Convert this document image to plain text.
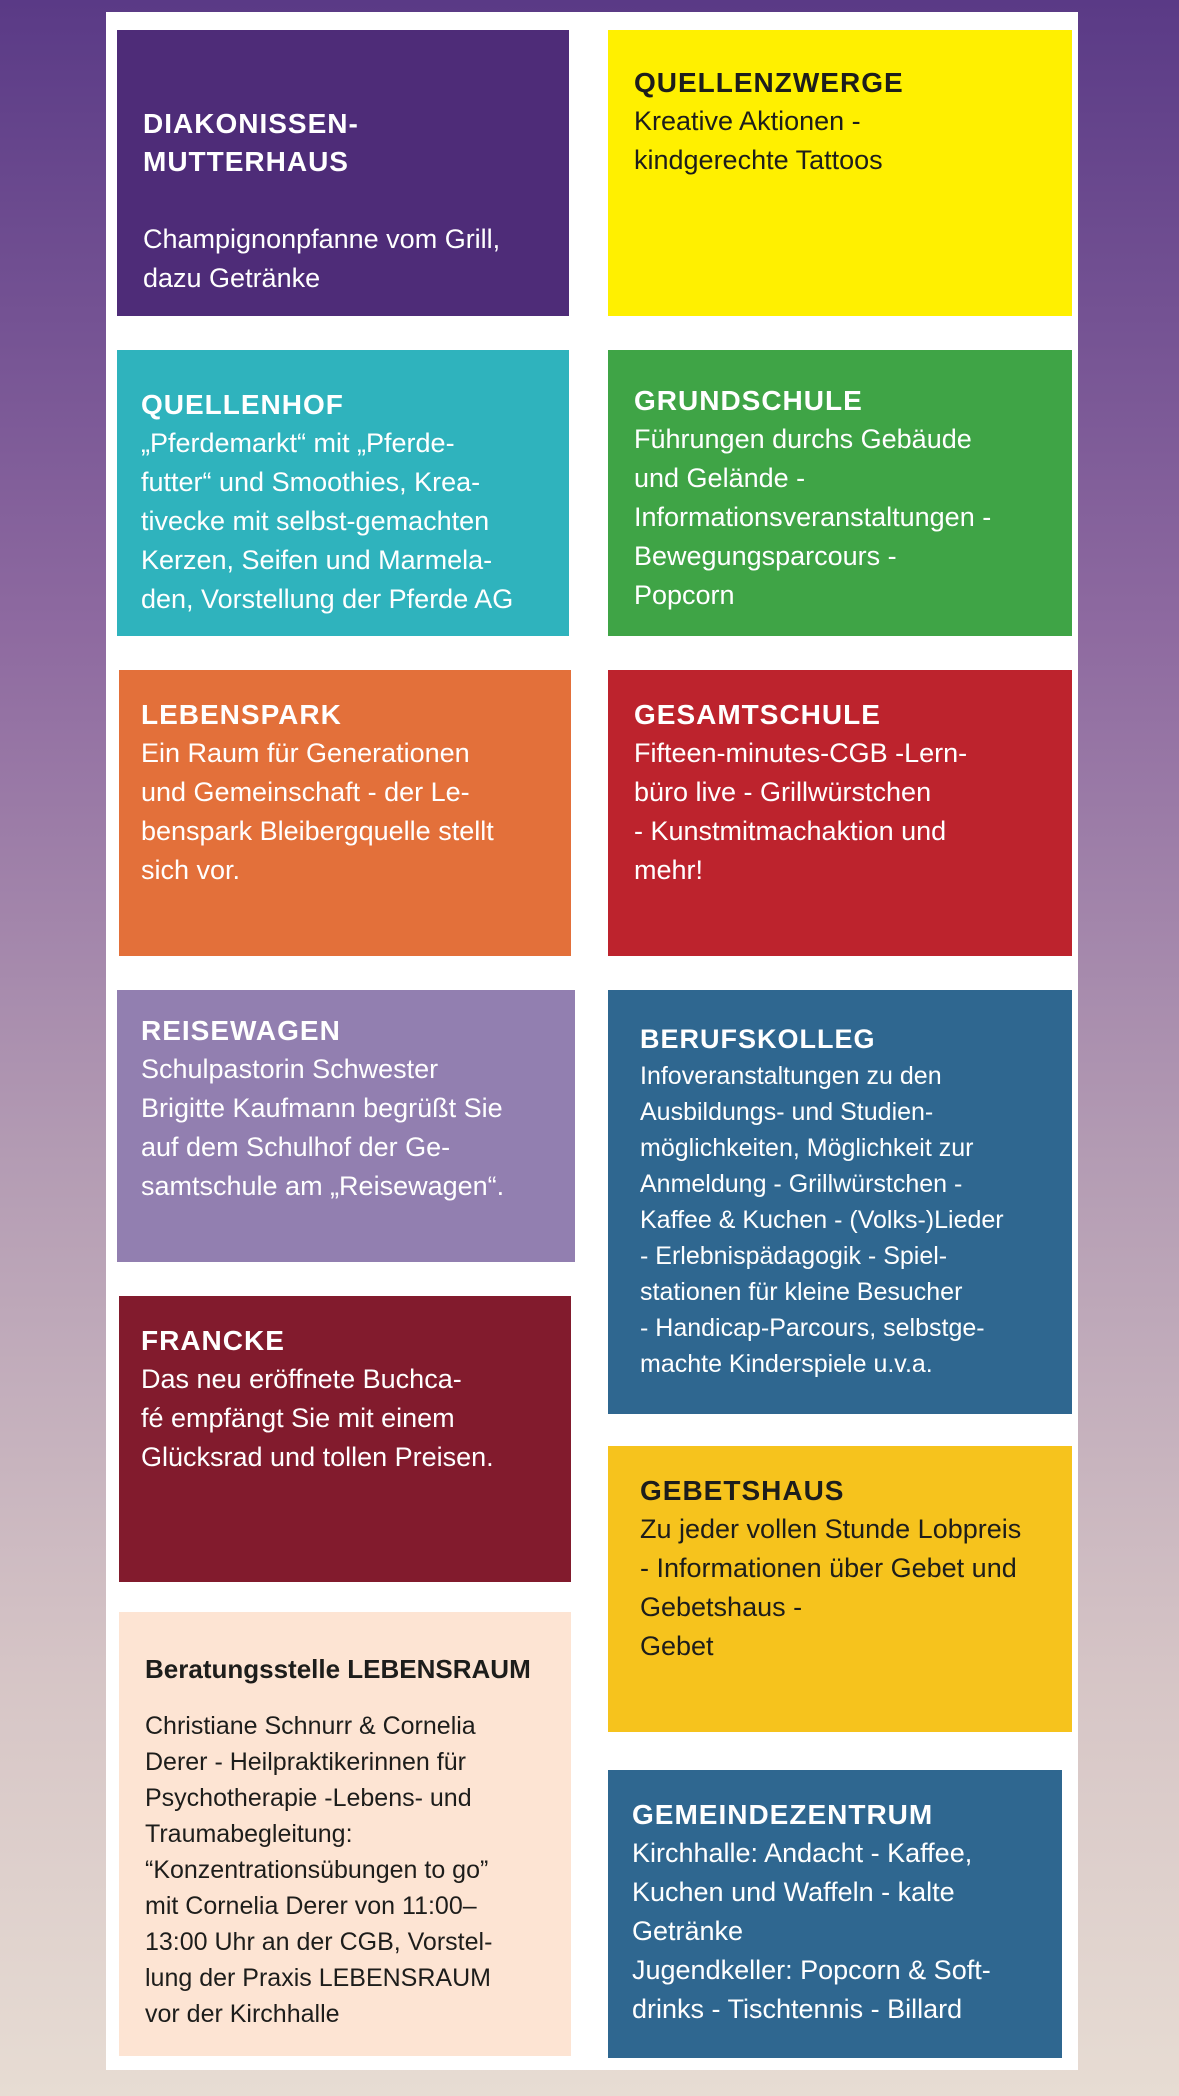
DIAKONISSEN-
MUTTERHAUS

Champignonpfanne vom Grill,
dazu Getränke

QUELLENZWERGE

Kreative Aktionen -
kindgerechte Tattoos

QUELLENHOF

„Pferdemarkt“ mit „Pferde-
futter“ und Smoothies, Krea-
tivecke mit selbst-gemachten
Kerzen, Seifen und Marmela-
den, Vorstellung der Pferde AG

GRUNDSCHULE

Führungen durchs Gebäude
und Gelände -
Informationsveranstaltungen -
Bewegungsparcours -
Popcorn

LEBENSPARK

Ein Raum für Generationen
und Gemeinschaft - der Le-
benspark Bleibergquelle stellt
sich vor.

GESAMTSCHULE

Fifteen-minutes-CGB -Lern-
büro live - Grillwürstchen
- Kunstmitmachaktion und
mehr!

REISEWAGEN

Schulpastorin Schwester
Brigitte Kaufmann begrüßt Sie
auf dem Schulhof der Ge-
samtschule am „Reisewagen“.

BERUFSKOLLEG

Infoveranstaltungen zu den
Ausbildungs- und Studien-
möglichkeiten, Möglichkeit zur
Anmeldung - Grillwürstchen -
Kaffee & Kuchen - (Volks-)Lieder
- Erlebnispädagogik - Spiel-
stationen für kleine Besucher
- Handicap-Parcours, selbstge-
machte Kinderspiele u.v.a.

FRANCKE

Das neu eröffnete Buchca-
fé empfängt Sie mit einem
Glücksrad und tollen Preisen.

GEBETSHAUS

Zu jeder vollen Stunde Lobpreis
- Informationen über Gebet und
Gebetshaus -
Gebet

Beratungsstelle LEBENSRAUM

Christiane Schnurr & Cornelia
Derer - Heilpraktikerinnen für
Psychotherapie -Lebens- und
Traumabegleitung:
“Konzentrationsübungen to go”
mit Cornelia Derer von 11:00–
13:00 Uhr an der CGB, Vorstel-
lung der Praxis LEBENSRAUM
vor der Kirchhalle

GEMEINDEZENTRUM

Kirchhalle: Andacht - Kaffee,
Kuchen und Waffeln - kalte
Getränke
Jugendkeller: Popcorn & Soft-
drinks - Tischtennis - Billard
